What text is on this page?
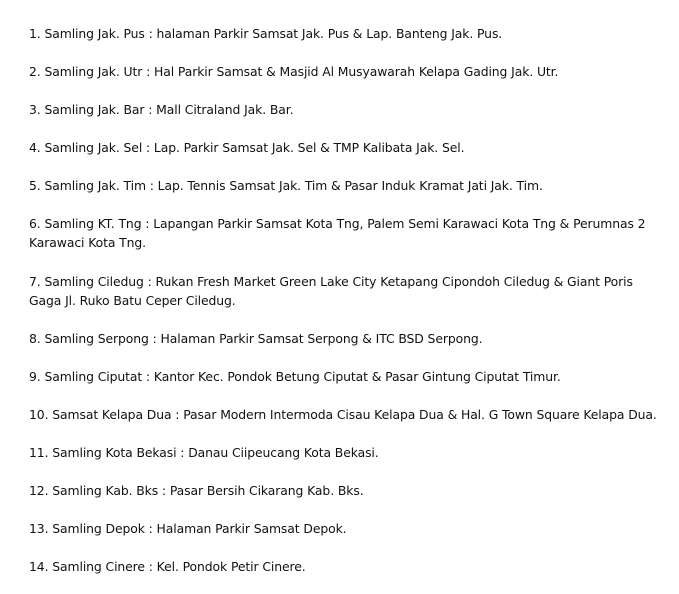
1. Samling Jak. Pus : halaman Parkir Samsat Jak. Pus & Lap. Banteng Jak. Pus.
2. Samling Jak. Utr : Hal Parkir Samsat & Masjid Al Musyawarah Kelapa Gading Jak. Utr.
3. Samling Jak. Bar : Mall Citraland Jak. Bar.
4. Samling Jak. Sel : Lap. Parkir Samsat Jak. Sel & TMP Kalibata Jak. Sel.
5. Samling Jak. Tim : Lap. Tennis Samsat Jak. Tim & Pasar Induk Kramat Jati Jak. Tim.
6. Samling KT. Tng : Lapangan Parkir Samsat Kota Tng, Palem Semi Karawaci Kota Tng & Perumnas 2 Karawaci Kota Tng.
7. Samling Ciledug : Rukan Fresh Market Green Lake City Ketapang Cipondoh Ciledug & Giant Poris Gaga Jl. Ruko Batu Ceper Ciledug.
8. Samling Serpong : Halaman Parkir Samsat Serpong & ITC BSD Serpong.
9. Samling Ciputat : Kantor Kec. Pondok Betung Ciputat & Pasar Gintung Ciputat Timur.
10. Samsat Kelapa Dua : Pasar Modern Intermoda Cisau Kelapa Dua & Hal. G Town Square Kelapa Dua.
11. Samling Kota Bekasi : Danau Ciipeucang Kota Bekasi.
12. Samling Kab. Bks : Pasar Bersih Cikarang Kab. Bks.
13. Samling Depok : Halaman Parkir Samsat Depok.
14. Samling Cinere : Kel. Pondok Petir Cinere.
